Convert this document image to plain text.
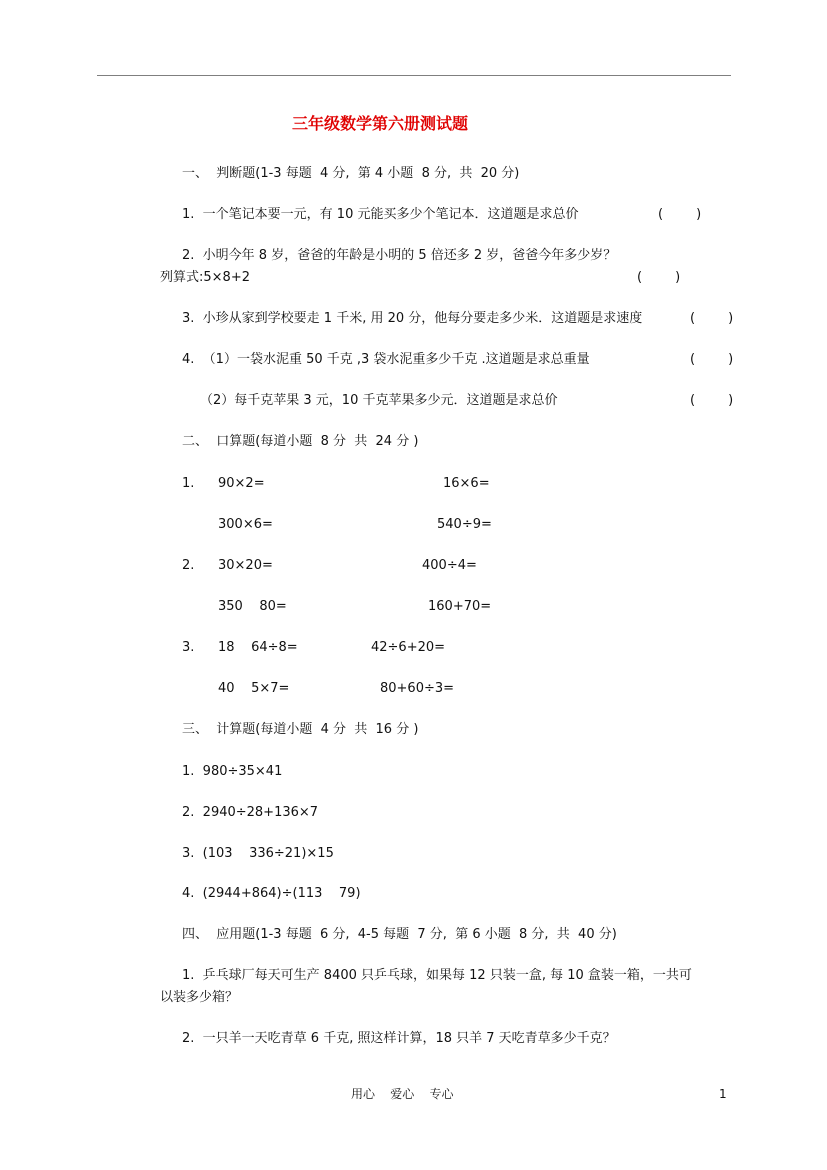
三年级数学第六册测试题
一、  判断题(1-3 每题  4 分,  第 4 小题  8 分,  共  20 分)
1.  一个笔记本要一元，有 10 元能买多少个笔记本．这道题是求总价	(        )
2.  小明今年 8 岁，爸爸的年龄是小明的 5 倍还多 2 岁，爸爸今年多少岁？
列算式:5×8+2	(        )
3.  小珍从家到学校要走 1 千米, 用 20 分，他每分要走多少米．这道题是求速度	(        )
4.  （1）一袋水泥重 50 千克 ,3 袋水泥重多少千克 .这道题是求总重量	(        )
（2）每千克苹果 3 元，10 千克苹果多少元．这道题是求总价	(        )
二、  口算题(每道小题  8 分  共  24 分 )
1. 90×2=	16×6=
300×6=	540÷9=
2. 30×20=	400÷4=
350    80=	160+70=
3. 18    64÷8=	42÷6+20=
40    5×7=	80+60÷3=
三、  计算题(每道小题  4 分  共  16 分 )
1.  980÷35×41
2.  2940÷28+136×7
3.  (103    336÷21)×15
4.  (2944+864)÷(113    79)
四、  应用题(1-3 每题  6 分,  4-5 每题  7 分,  第 6 小题  8 分,  共  40 分)
1.  乒乓球厂每天可生产 8400 只乒乓球，如果每 12 只装一盒, 每 10 盒装一箱，一共可
以装多少箱？
2.  一只羊一天吃青草 6 千克, 照这样计算，18 只羊 7 天吃青草多少千克？
用心    爱心    专心	1
